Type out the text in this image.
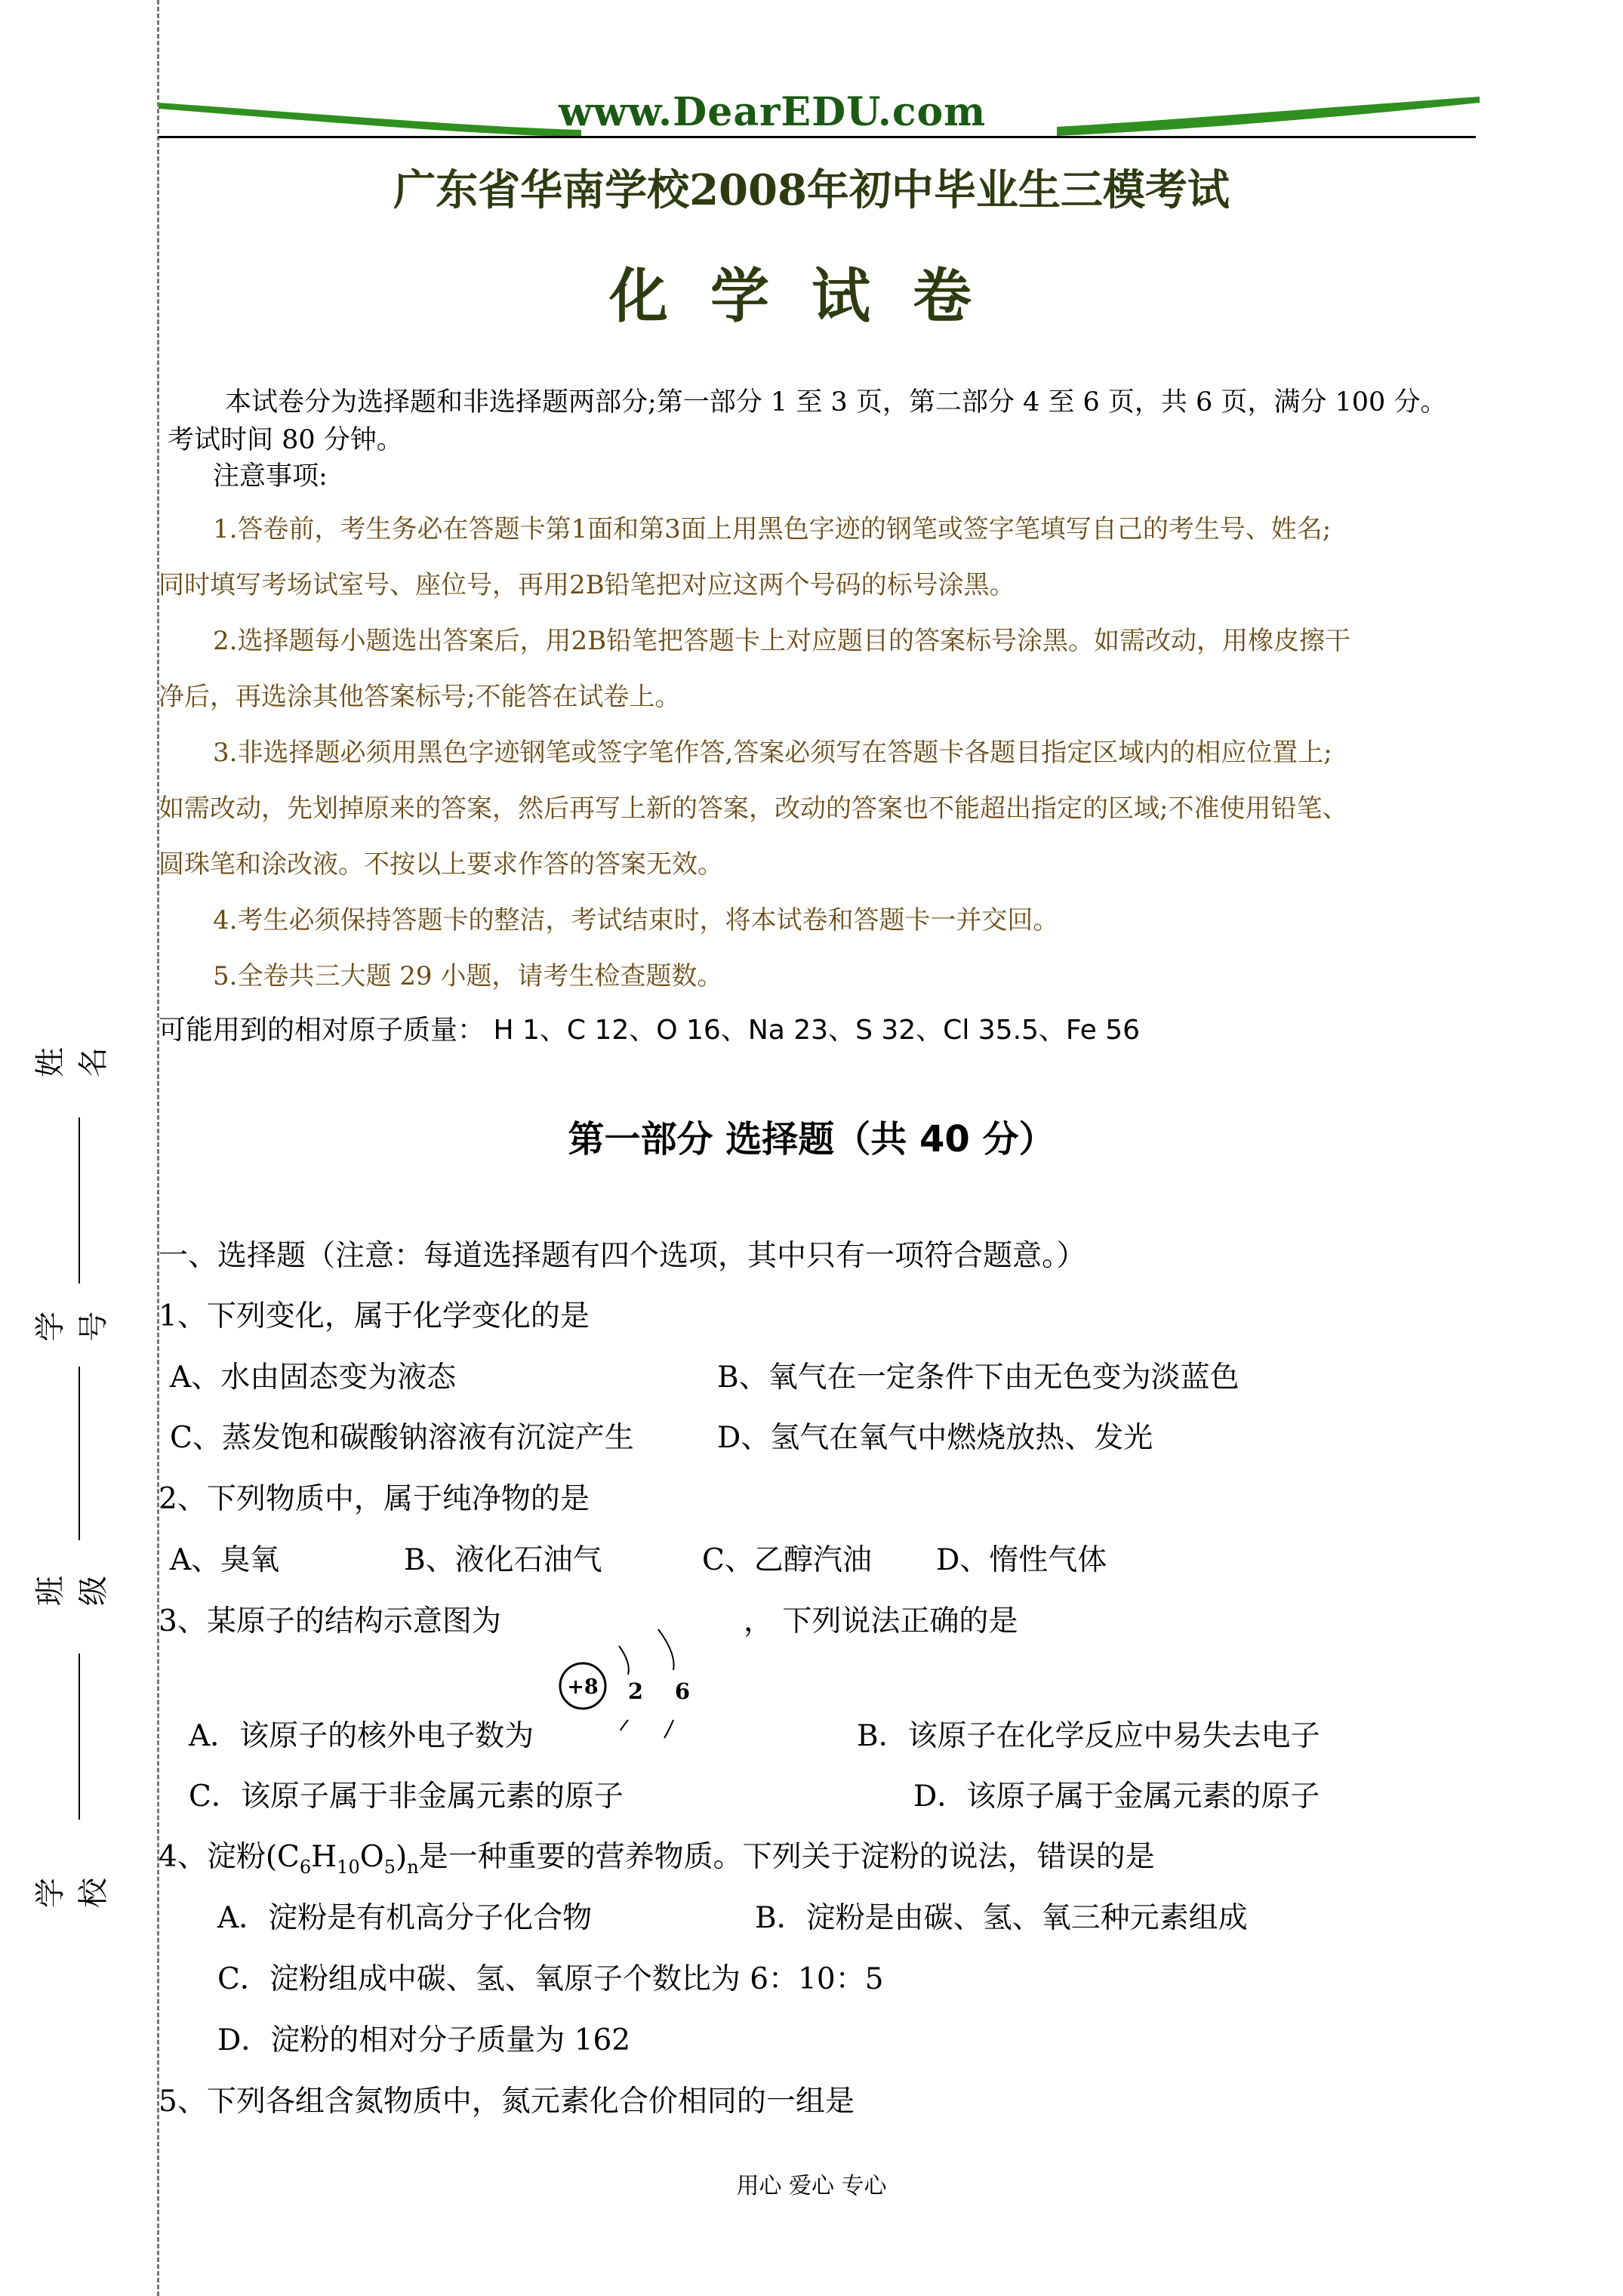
姓名
学号
班级
学校
www.DearEDU.com
广东省华南学校2008年初中毕业生三模考试
化学试卷
本试卷分为选择题和非选择题两部分;第一部分 1 至 3 页，第二部分 4 至 6 页，共 6 页，满分 100 分。
考试时间 80 分钟。
注意事项:
1.答卷前，考生务必在答题卡第1面和第3面上用黑色字迹的钢笔或签字笔填写自己的考生号、姓名;
同时填写考场试室号、座位号，再用2B铅笔把对应这两个号码的标号涂黑。
2.选择题每小题选出答案后，用2B铅笔把答题卡上对应题目的答案标号涂黑。如需改动，用橡皮擦干
净后，再选涂其他答案标号;不能答在试卷上。
3.非选择题必须用黑色字迹钢笔或签字笔作答,答案必须写在答题卡各题目指定区域内的相应位置上;
如需改动，先划掉原来的答案，然后再写上新的答案，改动的答案也不能超出指定的区域;不准使用铅笔、
圆珠笔和涂改液。不按以上要求作答的答案无效。
4.考生必须保持答题卡的整洁，考试结束时，将本试卷和答题卡一并交回。
5.全卷共三大题 29 小题，请考生检查题数。
可能用到的相对原子质量： H 1、C 12、O 16、Na 23、S 32、Cl 35.5、Fe 56
第一部分 选择题（共 40 分）
一、选择题（注意：每道选择题有四个选项，其中只有一项符合题意。）
1、下列变化，属于化学变化的是
A、水由固态变为液态	B、氧气在一定条件下由无色变为淡蓝色
C、蒸发饱和碳酸钠溶液有沉淀产生	D、氢气在氧气中燃烧放热、发光
2、下列物质中，属于纯净物的是
A、臭氧	B、液化石油气	C、乙醇汽油 D、惰性气体
3、某原子的结构示意图为	， 下列说法正确的是
+8 2 6
A．该原子的核外电子数为	B．该原子在化学反应中易失去电子
C．该原子属于非金属元素的原子	D．该原子属于金属元素的原子
4、淀粉$(C_6H_{10}O_5)_n$是一种重要的营养物质。下列关于淀粉的说法，错误的是
A．淀粉是有机高分子化合物	B．淀粉是由碳、氢、氧三种元素组成
C．淀粉组成中碳、氢、氧原子个数比为 6：10：5
D．淀粉的相对分子质量为 162
5、下列各组含氮物质中，氮元素化合价相同的一组是
用心 爱心 专心
